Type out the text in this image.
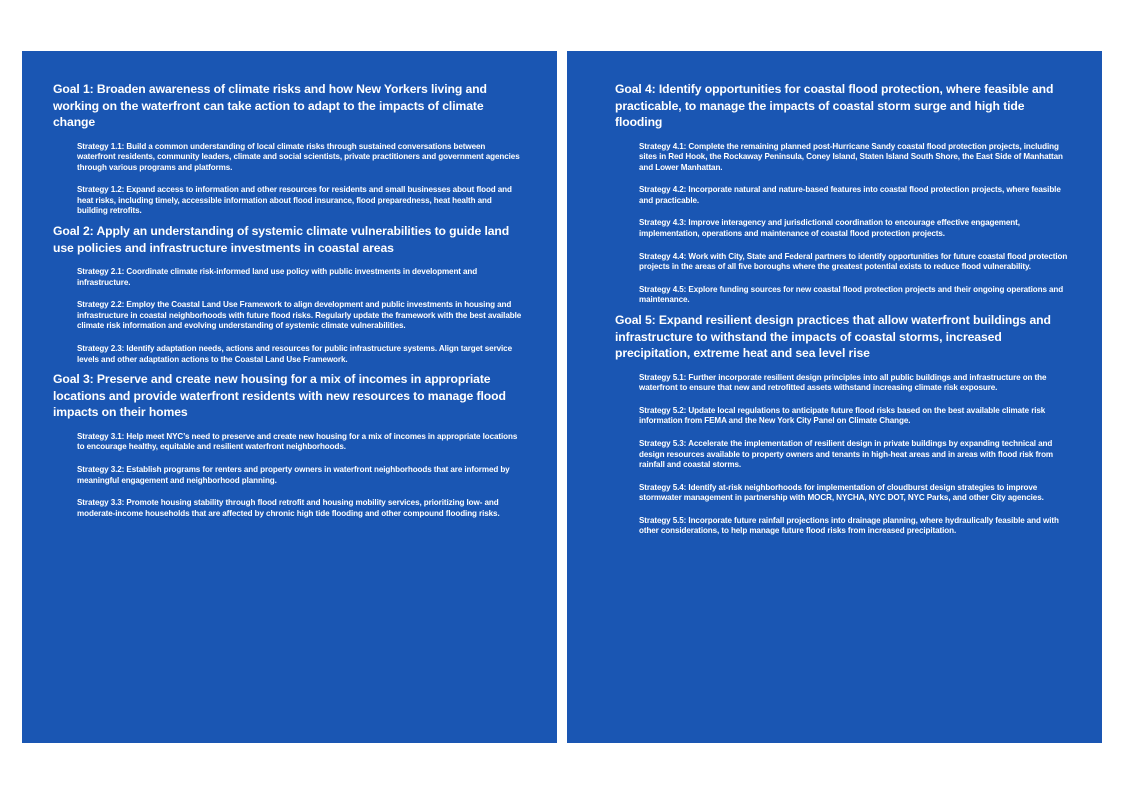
Goal 1: Broaden awareness of climate risks and how New Yorkers living and working on the waterfront can take action to adapt to the impacts of climate change

Strategy 1.1: Build a common understanding of local climate risks through sustained conversations between waterfront residents, community leaders, climate and social scientists, private practitioners and government agencies through various programs and platforms.

Strategy 1.2: Expand access to information and other resources for residents and small businesses about flood and heat risks, including timely, accessible information about flood insurance, flood preparedness, heat health and building retrofits.

Goal 2: Apply an understanding of systemic climate vulnerabilities to guide land use policies and infrastructure investments in coastal areas

Strategy 2.1: Coordinate climate risk-informed land use policy with public investments in development and infrastructure.

Strategy 2.2: Employ the Coastal Land Use Framework to align development and public investments in housing and infrastructure in coastal neighborhoods with future flood risks. Regularly update the framework with the best available climate risk information and evolving understanding of systemic climate vulnerabilities.

Strategy 2.3: Identify adaptation needs, actions and resources for public infrastructure systems. Align target service levels and other adaptation actions to the Coastal Land Use Framework.

Goal 3: Preserve and create new housing for a mix of incomes in appropriate locations and provide waterfront residents with new resources to manage flood impacts on their homes

Strategy 3.1: Help meet NYC’s need to preserve and create new housing for a mix of incomes in appropriate locations to encourage healthy, equitable and resilient waterfront neighborhoods.

Strategy 3.2: Establish programs for renters and property owners in waterfront neighborhoods that are informed by meaningful engagement and neighborhood planning.

Strategy 3.3: Promote housing stability through flood retrofit and housing mobility services, prioritizing low- and moderate-income households that are affected by chronic high tide flooding and other compound flooding risks.

Goal 4: Identify opportunities for coastal flood protection, where feasible and practicable, to manage the impacts of coastal storm surge and high tide flooding

Strategy 4.1: Complete the remaining planned post-Hurricane Sandy coastal flood protection projects, including sites in Red Hook, the Rockaway Peninsula, Coney Island, Staten Island South Shore, the East Side of Manhattan and Lower Manhattan.

Strategy 4.2: Incorporate natural and nature-based features into coastal flood protection projects, where feasible and practicable.

Strategy 4.3: Improve interagency and jurisdictional coordination to encourage effective engagement, implementation, operations and maintenance of coastal flood protection projects.

Strategy 4.4: Work with City, State and Federal partners to identify opportunities for future coastal flood protection projects in the areas of all five boroughs where the greatest potential exists to reduce flood vulnerability.

Strategy 4.5: Explore funding sources for new coastal flood protection projects and their ongoing operations and maintenance.

Goal 5: Expand resilient design practices that allow waterfront buildings and infrastructure to withstand the impacts of coastal storms, increased precipitation, extreme heat and sea level rise

Strategy 5.1: Further incorporate resilient design principles into all public buildings and infrastructure on the waterfront to ensure that new and retrofitted assets withstand increasing climate risk exposure.

Strategy 5.2: Update local regulations to anticipate future flood risks based on the best available climate risk information from FEMA and the New York City Panel on Climate Change.

Strategy 5.3: Accelerate the implementation of resilient design in private buildings by expanding technical and design resources available to property owners and tenants in high-heat areas and in areas with flood risk from rainfall and coastal storms.

Strategy 5.4: Identify at-risk neighborhoods for implementation of cloudburst design strategies to improve stormwater management in partnership with MOCR, NYCHA, NYC DOT, NYC Parks, and other City agencies.

Strategy 5.5: Incorporate future rainfall projections into drainage planning, where hydraulically feasible and with other considerations, to help manage future flood risks from increased precipitation.
